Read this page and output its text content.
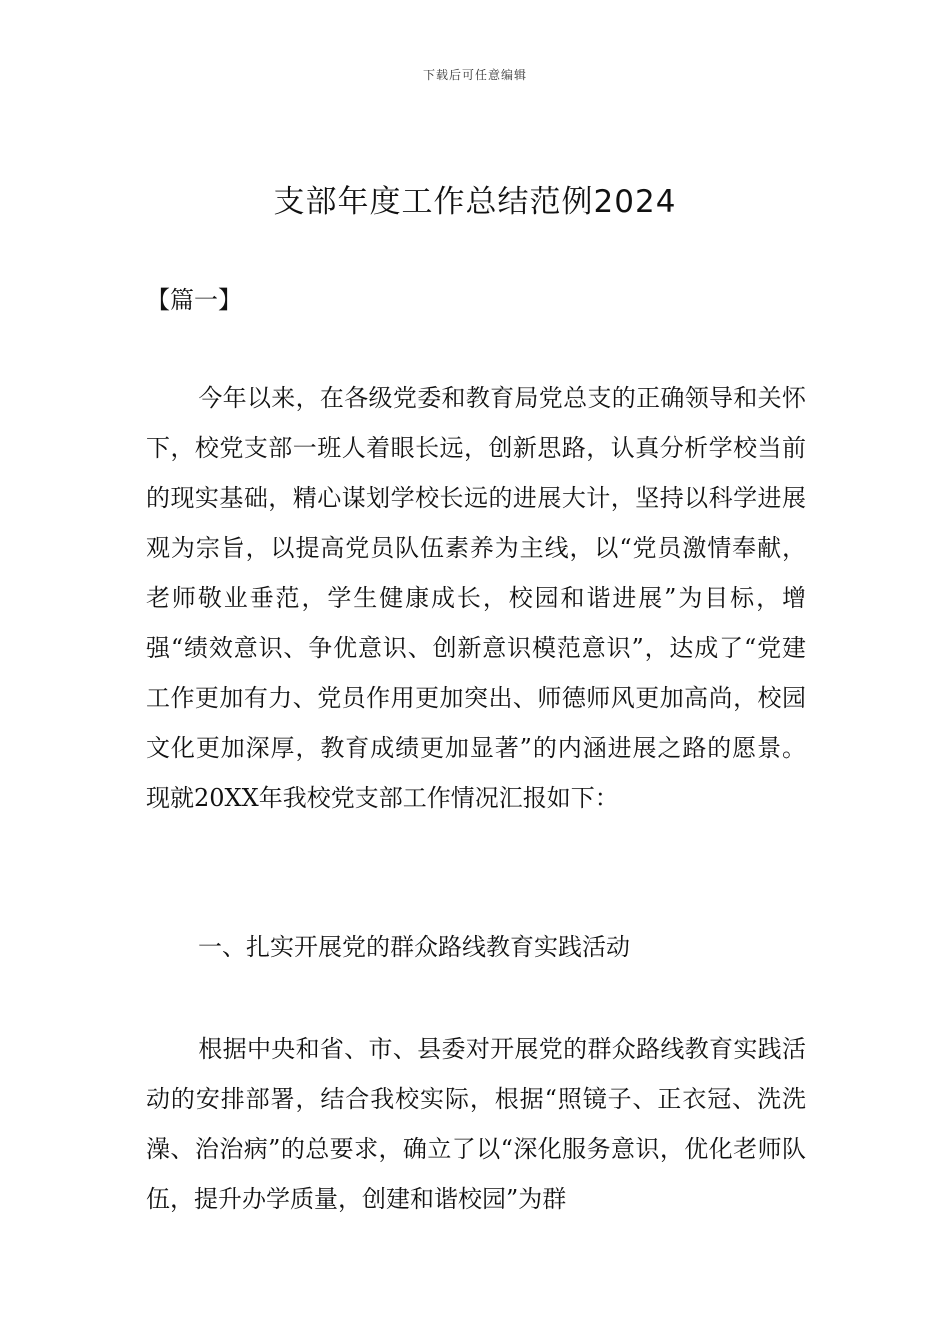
下载后可任意编辑
支部年度工作总结范例2024
【篇一】

今年以来，在各级党委和教育局党总支的正确领导和关怀下，校党支部一班人着眼长远，创新思路，认真分析学校当前的现实基础，精心谋划学校长远的进展大计，坚持以科学进展观为宗旨，以提高党员队伍素养为主线，以“党员激情奉献，老师敬业垂范，学生健康成长，校园和谐进展”为目标，增强“绩效意识、争优意识、创新意识模范意识”，达成了“党建工作更加有力、党员作用更加突出、师德师风更加高尚，校园文化更加深厚，教育成绩更加显著”的内涵进展之路的愿景。现就20XX年我校党支部工作情况汇报如下：

一、扎实开展党的群众路线教育实践活动

根据中央和省、市、县委对开展党的群众路线教育实践活动的安排部署，结合我校实际，根据“照镜子、正衣冠、洗洗澡、治治病”的总要求，确立了以“深化服务意识，优化老师队伍，提升办学质量，创建和谐校园”为群
